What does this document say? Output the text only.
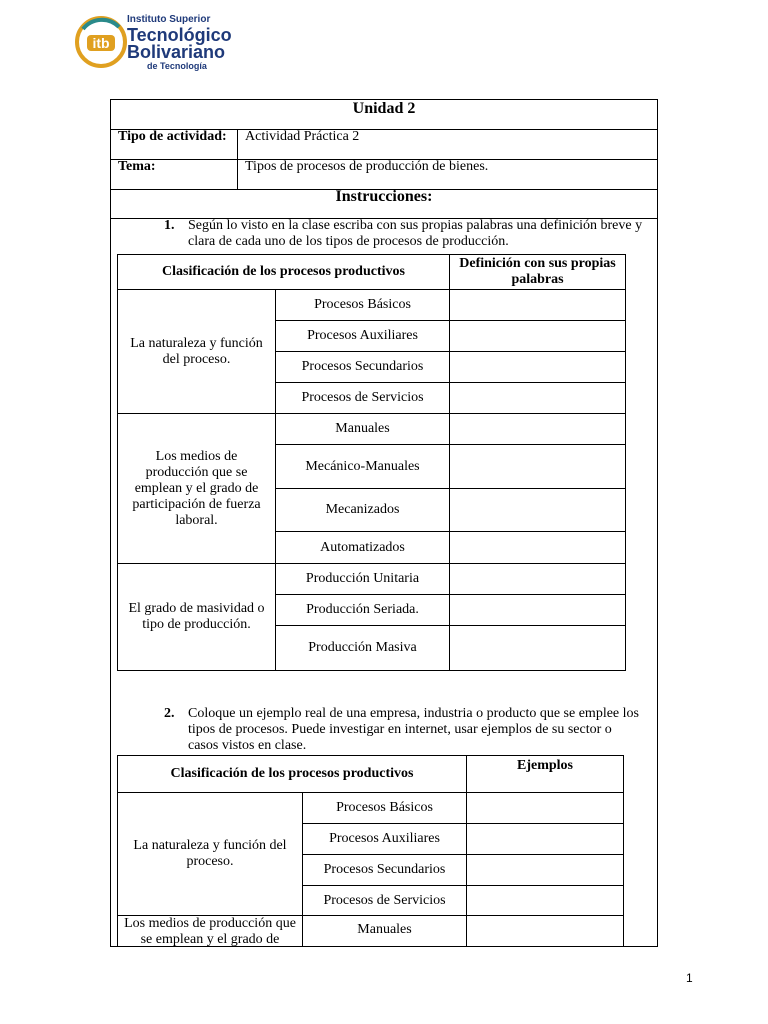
itb
Instituto Superior
Tecnológico
Bolivariano
de Tecnología
Unidad 2
Tipo de actividad: Actividad Práctica 2
Tema:	Tipos de procesos de producción de bienes.
Instrucciones:
1. Según lo visto en la clase escriba con sus propias palabras una definición breve y
clara de cada uno de los tipos de procesos de producción.
Clasificación de los procesos productivos		Definición con sus propias palabras
La naturaleza y función del proceso.	Procesos Básicos	
	Procesos Auxiliares	
	Procesos Secundarios	
	Procesos de Servicios	
Los medios de producción que se emplean y el grado de participación de fuerza laboral.	Manuales	
	Mecánico-Manuales	
	Mecanizados	
	Automatizados	
El grado de masividad o tipo de producción.	Producción Unitaria	
	Producción Seriada.	
	Producción Masiva	
2. Coloque un ejemplo real de una empresa, industria o producto que se emplee los
tipos de procesos. Puede investigar en internet, usar ejemplos de su sector o
casos vistos en clase.
Clasificación de los procesos productivos		Ejemplos
La naturaleza y función del proceso.	Procesos Básicos	
	Procesos Auxiliares	
	Procesos Secundarios	
	Procesos de Servicios	
Los medios de producción que se emplean y el grado de	Manuales	
1
